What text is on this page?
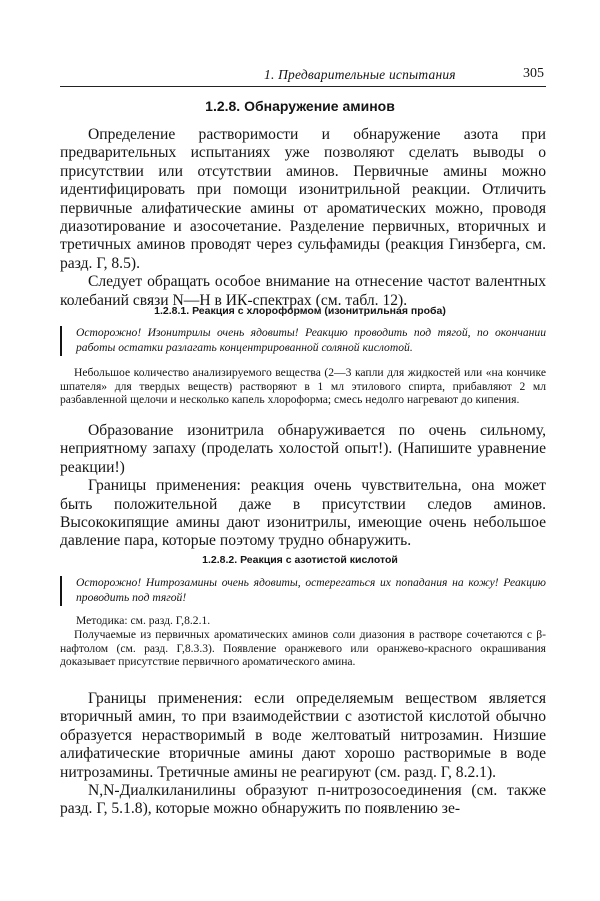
1. Предварительные испытания	305
1.2.8. Обнаружение аминов

Определение растворимости и обнаружение азота при предварительных испытаниях уже позволяют сделать выводы о присутствии или отсутствии аминов. Первичные амины можно идентифицировать при помощи изонитрильной реакции. Отличить первичные алифатические амины от ароматических можно, проводя диазотирование и азосочетание. Разделение первичных, вторичных и третичных аминов проводят через сульфамиды (реакция Гинзберга, см. разд. Г, 8.5).

Следует обращать особое внимание на отнесение частот валентных колебаний связи N—H в ИК-спектрах (см. табл. 12).

1.2.8.1. Реакция с хлороформом (изонитрильная проба)
Осторожно! Изонитрилы очень ядовиты! Реакцию проводить под тягой, по окончании работы остатки разлагать концентрированной соляной кислотой.

Небольшое количество анализируемого вещества (2—3 капли для жидкостей или «на кончике шпателя» для твердых веществ) растворяют в 1 мл этилового спирта, прибавляют 2 мл разбавленной щелочи и несколько капель хлороформа; смесь недолго нагревают до кипения.

Образование изонитрила обнаруживается по очень сильному, неприятному запаху (проделать холостой опыт!). (Напишите уравнение реакции!)

Границы применения: реакция очень чувствительна, она может быть положительной даже в присутствии следов аминов. Высококипящие амины дают изонитрилы, имеющие очень небольшое давление пара, которые поэтому трудно обнаружить.

1.2.8.2. Реакция с азотистой кислотой
Осторожно! Нитрозамины очень ядовиты, остерегаться их попадания на кожу! Реакцию проводить под тягой!
Методика: см. разд. Г,8.2.1.

Получаемые из первичных ароматических аминов соли диазония в растворе сочетаются с β-нафтолом (см. разд. Г,8.3.3). Появление оранжевого или оранжево-красного окрашивания доказывает присутствие первичного ароматического амина.

Границы применения: если определяемым веществом является вторичный амин, то при взаимодействии с азотистой кислотой обычно образуется нерастворимый в воде желтоватый нитрозамин. Низшие алифатические вторичные амины дают хорошо растворимые в воде нитрозамины. Третичные амины не реагируют (см. разд. Г, 8.2.1).

N,N-Диалкиланилины образуют п-нитрозосоединения (см. также разд. Г, 5.1.8), которые можно обнаружить по появлению зе-
